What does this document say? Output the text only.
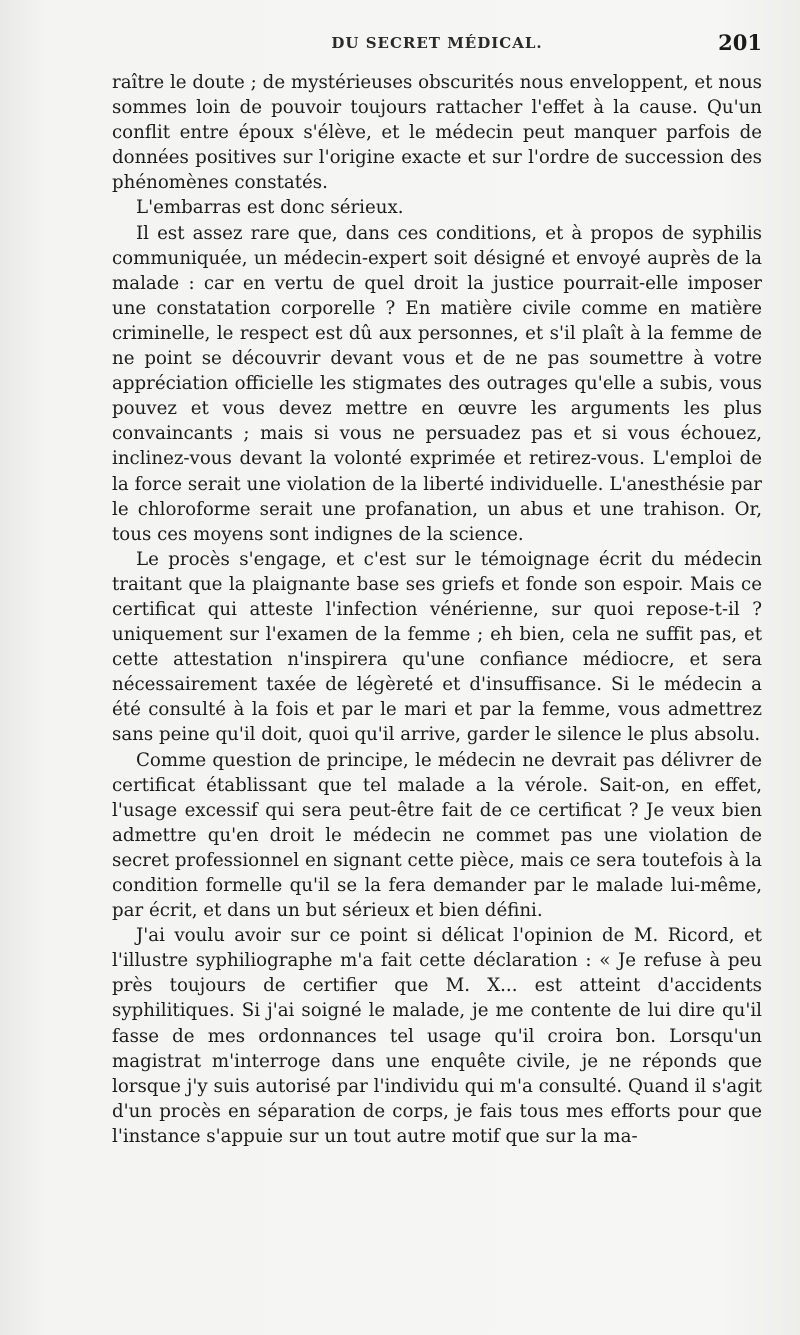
DU SECRET MÉDICAL.	201

raître le doute ; de mystérieuses obscurités nous enveloppent, et nous sommes loin de pouvoir toujours rattacher l'effet à la cause. Qu'un conflit entre époux s'élève, et le médecin peut manquer parfois de données positives sur l'origine exacte et sur l'ordre de succession des phénomènes constatés.

L'embarras est donc sérieux.

Il est assez rare que, dans ces conditions, et à propos de syphilis communiquée, un médecin-expert soit désigné et envoyé auprès de la malade : car en vertu de quel droit la justice pourrait-elle imposer une constatation corporelle ? En matière civile comme en matière criminelle, le respect est dû aux personnes, et s'il plaît à la femme de ne point se découvrir devant vous et de ne pas soumettre à votre appréciation officielle les stigmates des outrages qu'elle a subis, vous pouvez et vous devez mettre en œuvre les arguments les plus convaincants ; mais si vous ne persuadez pas et si vous échouez, inclinez-vous devant la volonté exprimée et retirez-vous. L'emploi de la force serait une violation de la liberté individuelle. L'anesthésie par le chloroforme serait une profanation, un abus et une trahison. Or, tous ces moyens sont indignes de la science.

Le procès s'engage, et c'est sur le témoignage écrit du médecin traitant que la plaignante base ses griefs et fonde son espoir. Mais ce certificat qui atteste l'infection vénérienne, sur quoi repose-t-il ? uniquement sur l'examen de la femme ; eh bien, cela ne suffit pas, et cette attestation n'inspirera qu'une confiance médiocre, et sera nécessairement taxée de légèreté et d'insuffisance. Si le médecin a été consulté à la fois et par le mari et par la femme, vous admettrez sans peine qu'il doit, quoi qu'il arrive, garder le silence le plus absolu.

Comme question de principe, le médecin ne devrait pas délivrer de certificat établissant que tel malade a la vérole. Sait-on, en effet, l'usage excessif qui sera peut-être fait de ce certificat ? Je veux bien admettre qu'en droit le médecin ne commet pas une violation de secret professionnel en signant cette pièce, mais ce sera toutefois à la condition formelle qu'il se la fera demander par le malade lui-même, par écrit, et dans un but sérieux et bien défini.

J'ai voulu avoir sur ce point si délicat l'opinion de M. Ricord, et l'illustre syphiliographe m'a fait cette déclaration : « Je refuse à peu près toujours de certifier que M. X... est atteint d'accidents syphilitiques. Si j'ai soigné le malade, je me contente de lui dire qu'il fasse de mes ordonnances tel usage qu'il croira bon. Lorsqu'un magistrat m'interroge dans une enquête civile, je ne réponds que lorsque j'y suis autorisé par l'individu qui m'a consulté. Quand il s'agit d'un procès en séparation de corps, je fais tous mes efforts pour que l'instance s'appuie sur un tout autre motif que sur la ma-
